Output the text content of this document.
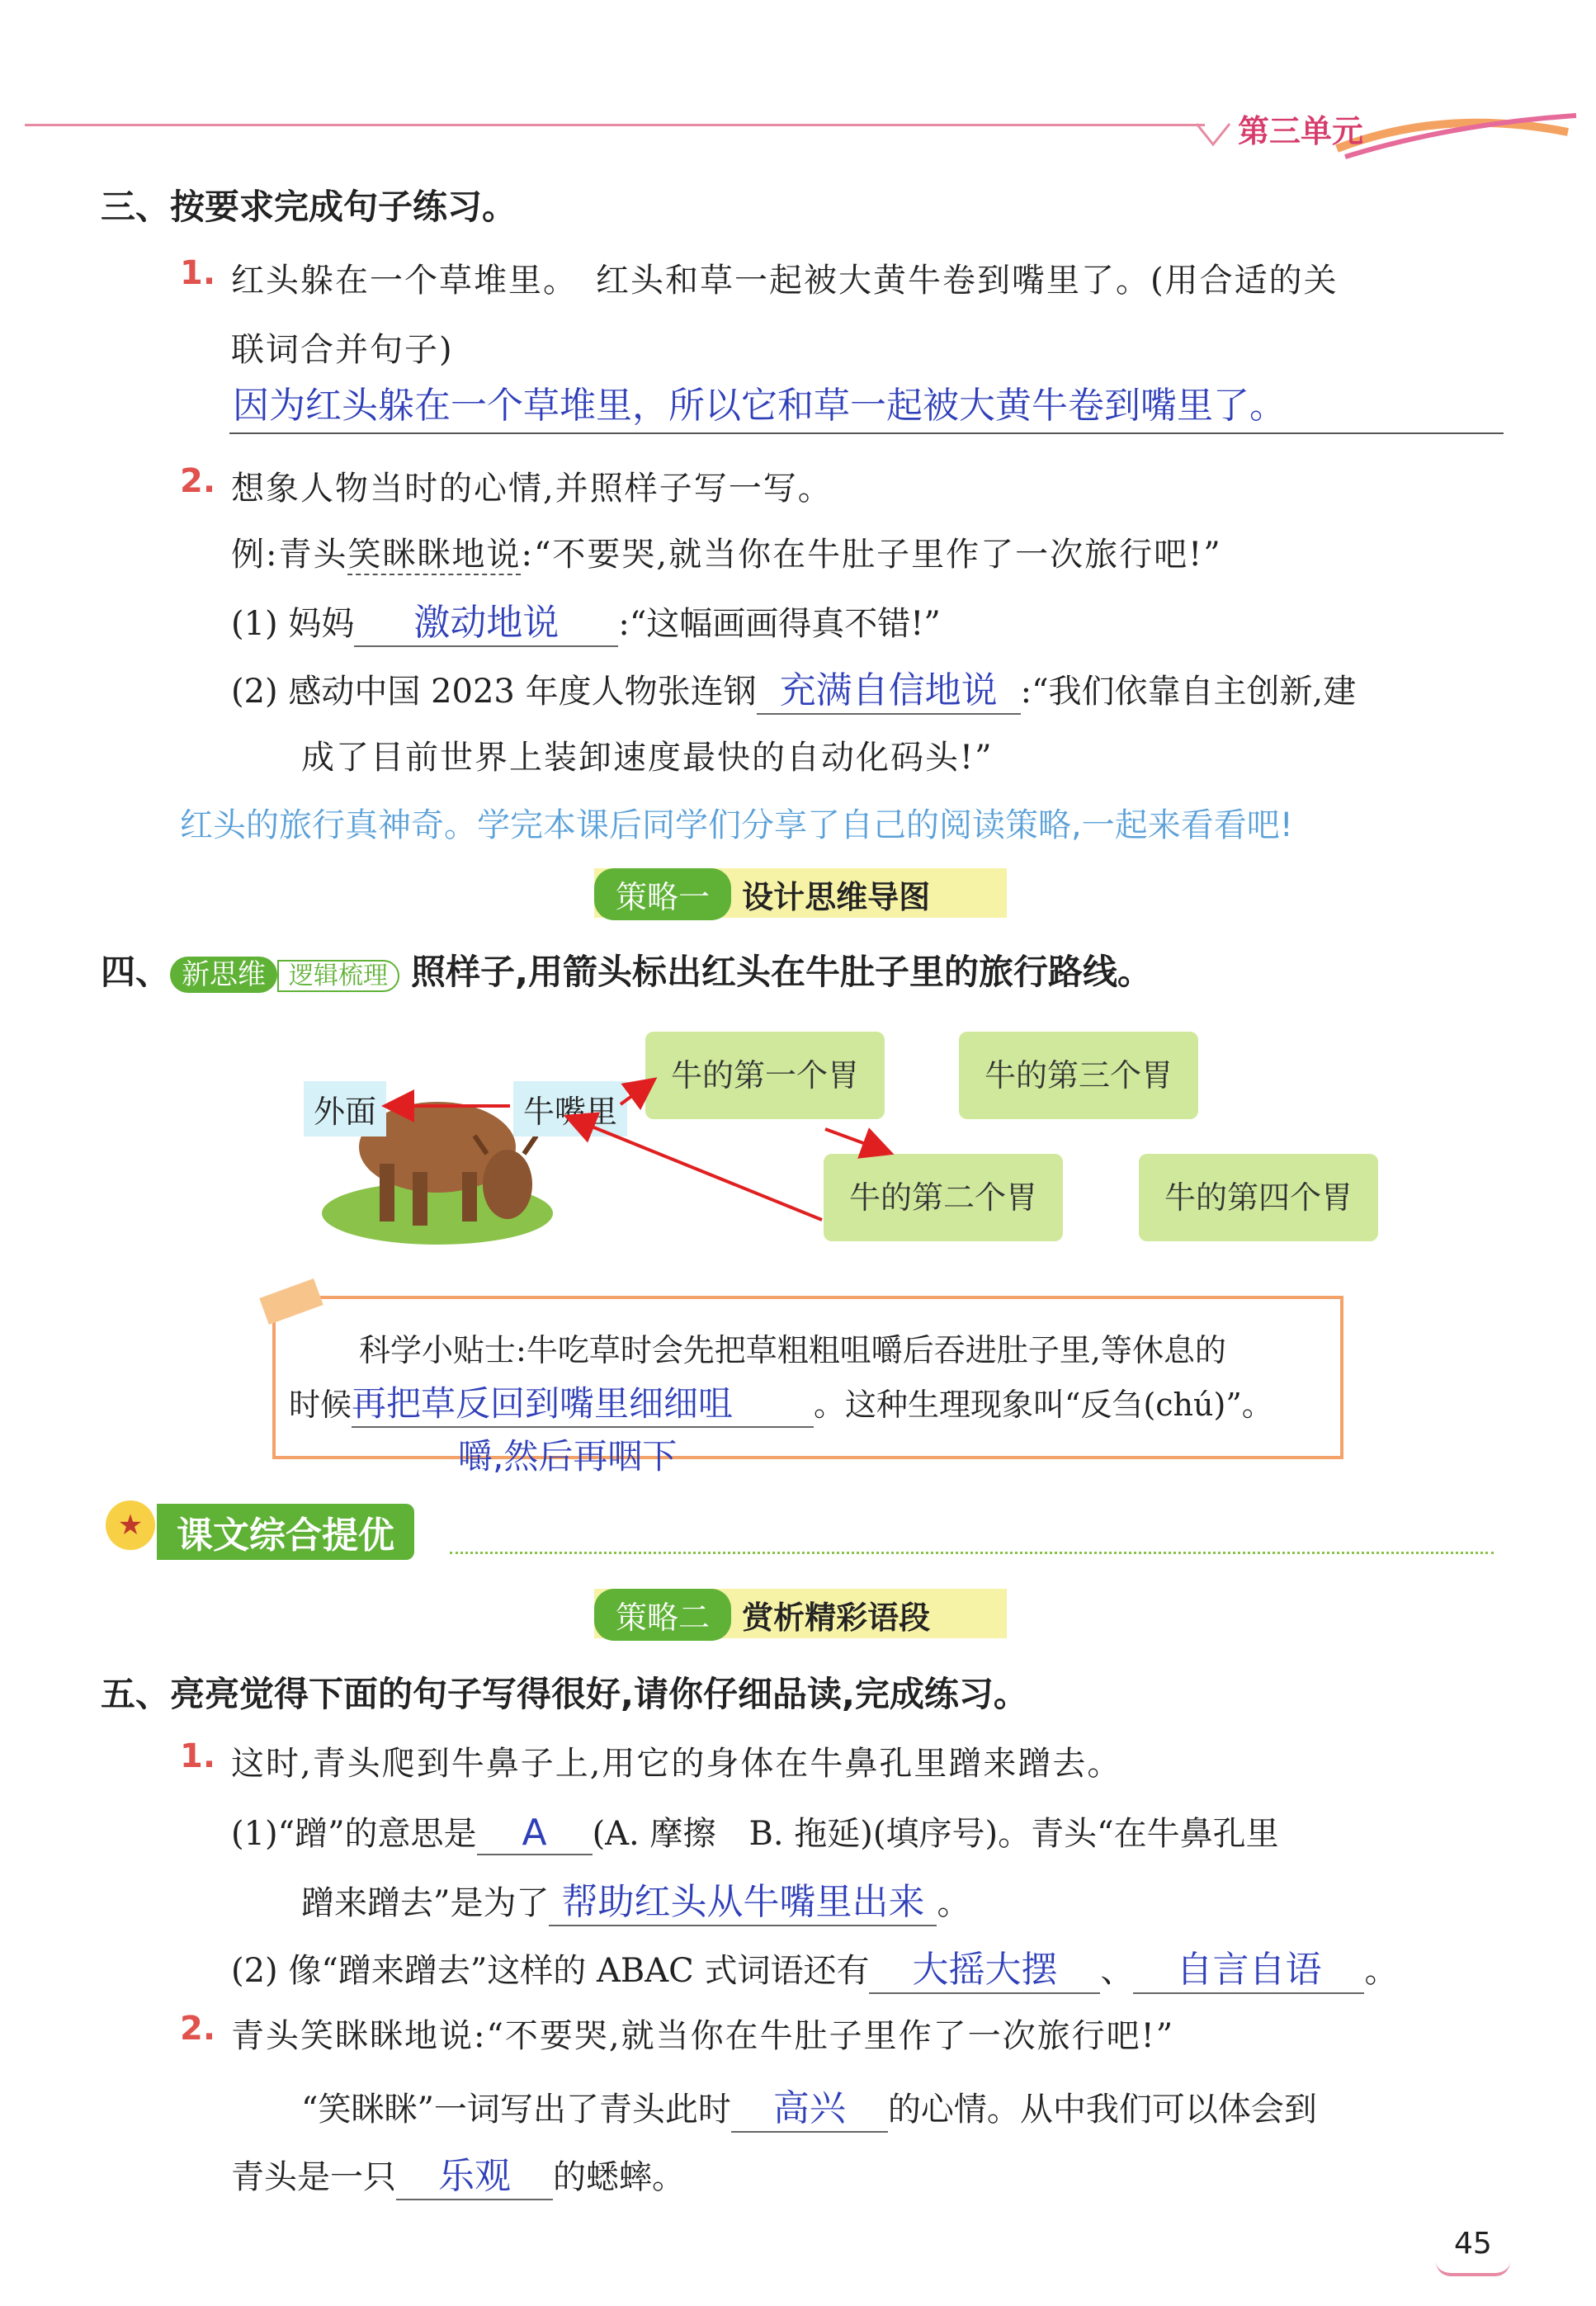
第三单元
三、按要求完成句子练习。
1. 红头躲在一个草堆里。　红头和草一起被大黄牛卷到嘴里了。(用合适的关
联词合并句子)
因为红头躲在一个草堆里，所以它和草一起被大黄牛卷到嘴里了。
2. 想象人物当时的心情,并照样子写一写。
例:青头笑眯眯地说:“不要哭,就当你在牛肚子里作了一次旅行吧!”
(1) 妈妈 激动地说 :“这幅画画得真不错!”
(2) 感动中国 2023 年度人物张连钢 充满自信地说 :“我们依靠自主创新,建
成了目前世界上装卸速度最快的自动化码头!”
红头的旅行真神奇。学完本课后同学们分享了自己的阅读策略,一起来看看吧!
策略一 设计思维导图
四、 新思维 逻辑梳理 照样子,用箭头标出红头在牛肚子里的旅行路线。
外面	牛嘴里
牛的第一个胃	牛的第三个胃
牛的第二个胃	牛的第四个胃
科学小贴士:牛吃草时会先把草粗粗咀嚼后吞进肚子里,等休息的
时候再把草反回到嘴里细细咀	。这种生理现象叫“反刍(chú)”。
嚼,然后再咽下
★ 课文综合提优
策略二 赏析精彩语段
五、亮亮觉得下面的句子写得很好,请你仔细品读,完成练习。
1. 这时,青头爬到牛鼻子上,用它的身体在牛鼻孔里蹭来蹭去。
(1)“蹭”的意思是 A (A. 摩擦　B. 拖延)(填序号)。青头“在牛鼻孔里
蹭来蹭去”是为了 帮助红头从牛嘴里出来 。
(2) 像“蹭来蹭去”这样的 ABAC 式词语还有 大摇大摆 、 自言自语 。
2. 青头笑眯眯地说:“不要哭,就当你在牛肚子里作了一次旅行吧!”
“笑眯眯”一词写出了青头此时 高兴 的心情。从中我们可以体会到
青头是一只 乐观 的蟋蟀。
45
